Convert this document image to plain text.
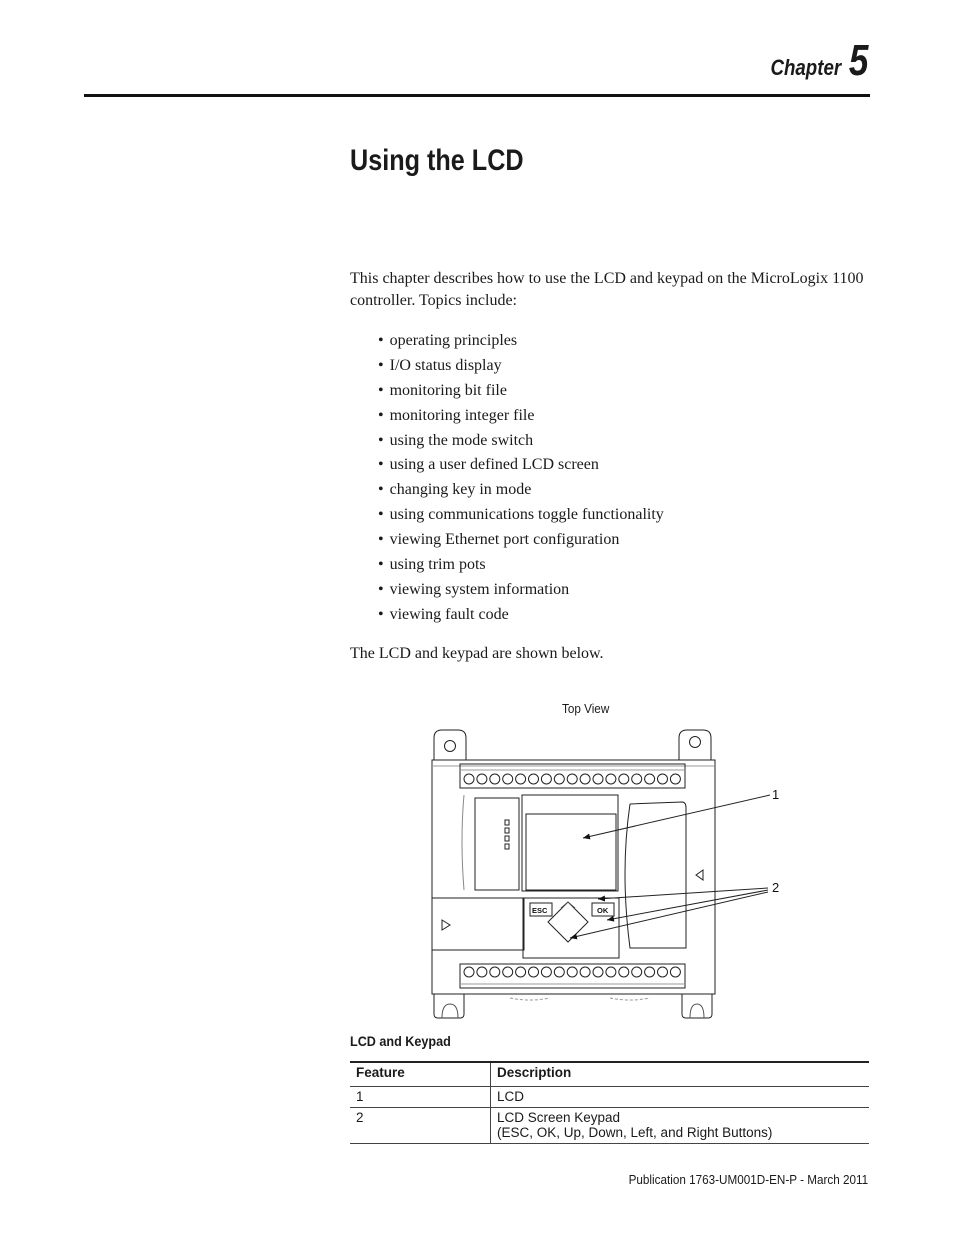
Chapter 5
Using the LCD

This chapter describes how to use the LCD and keypad on the MicroLogix 1100 controller. Topics include:

• operating principles
• I/O status display
• monitoring bit file
• monitoring integer file
• using the mode switch
• using a user defined LCD screen
• changing key in mode
• using communications toggle functionality
• viewing Ethernet port configuration
• using trim pots
• viewing system information
• viewing fault code

The LCD and keypad are shown below.

Top View
ESC	OK
1
2
LCD and Keypad
Feature	Description
1	LCD
2	LCD Screen Keypad
(ESC, OK, Up, Down, Left, and Right Buttons)
Publication 1763-UM001D-EN-P - March 2011
